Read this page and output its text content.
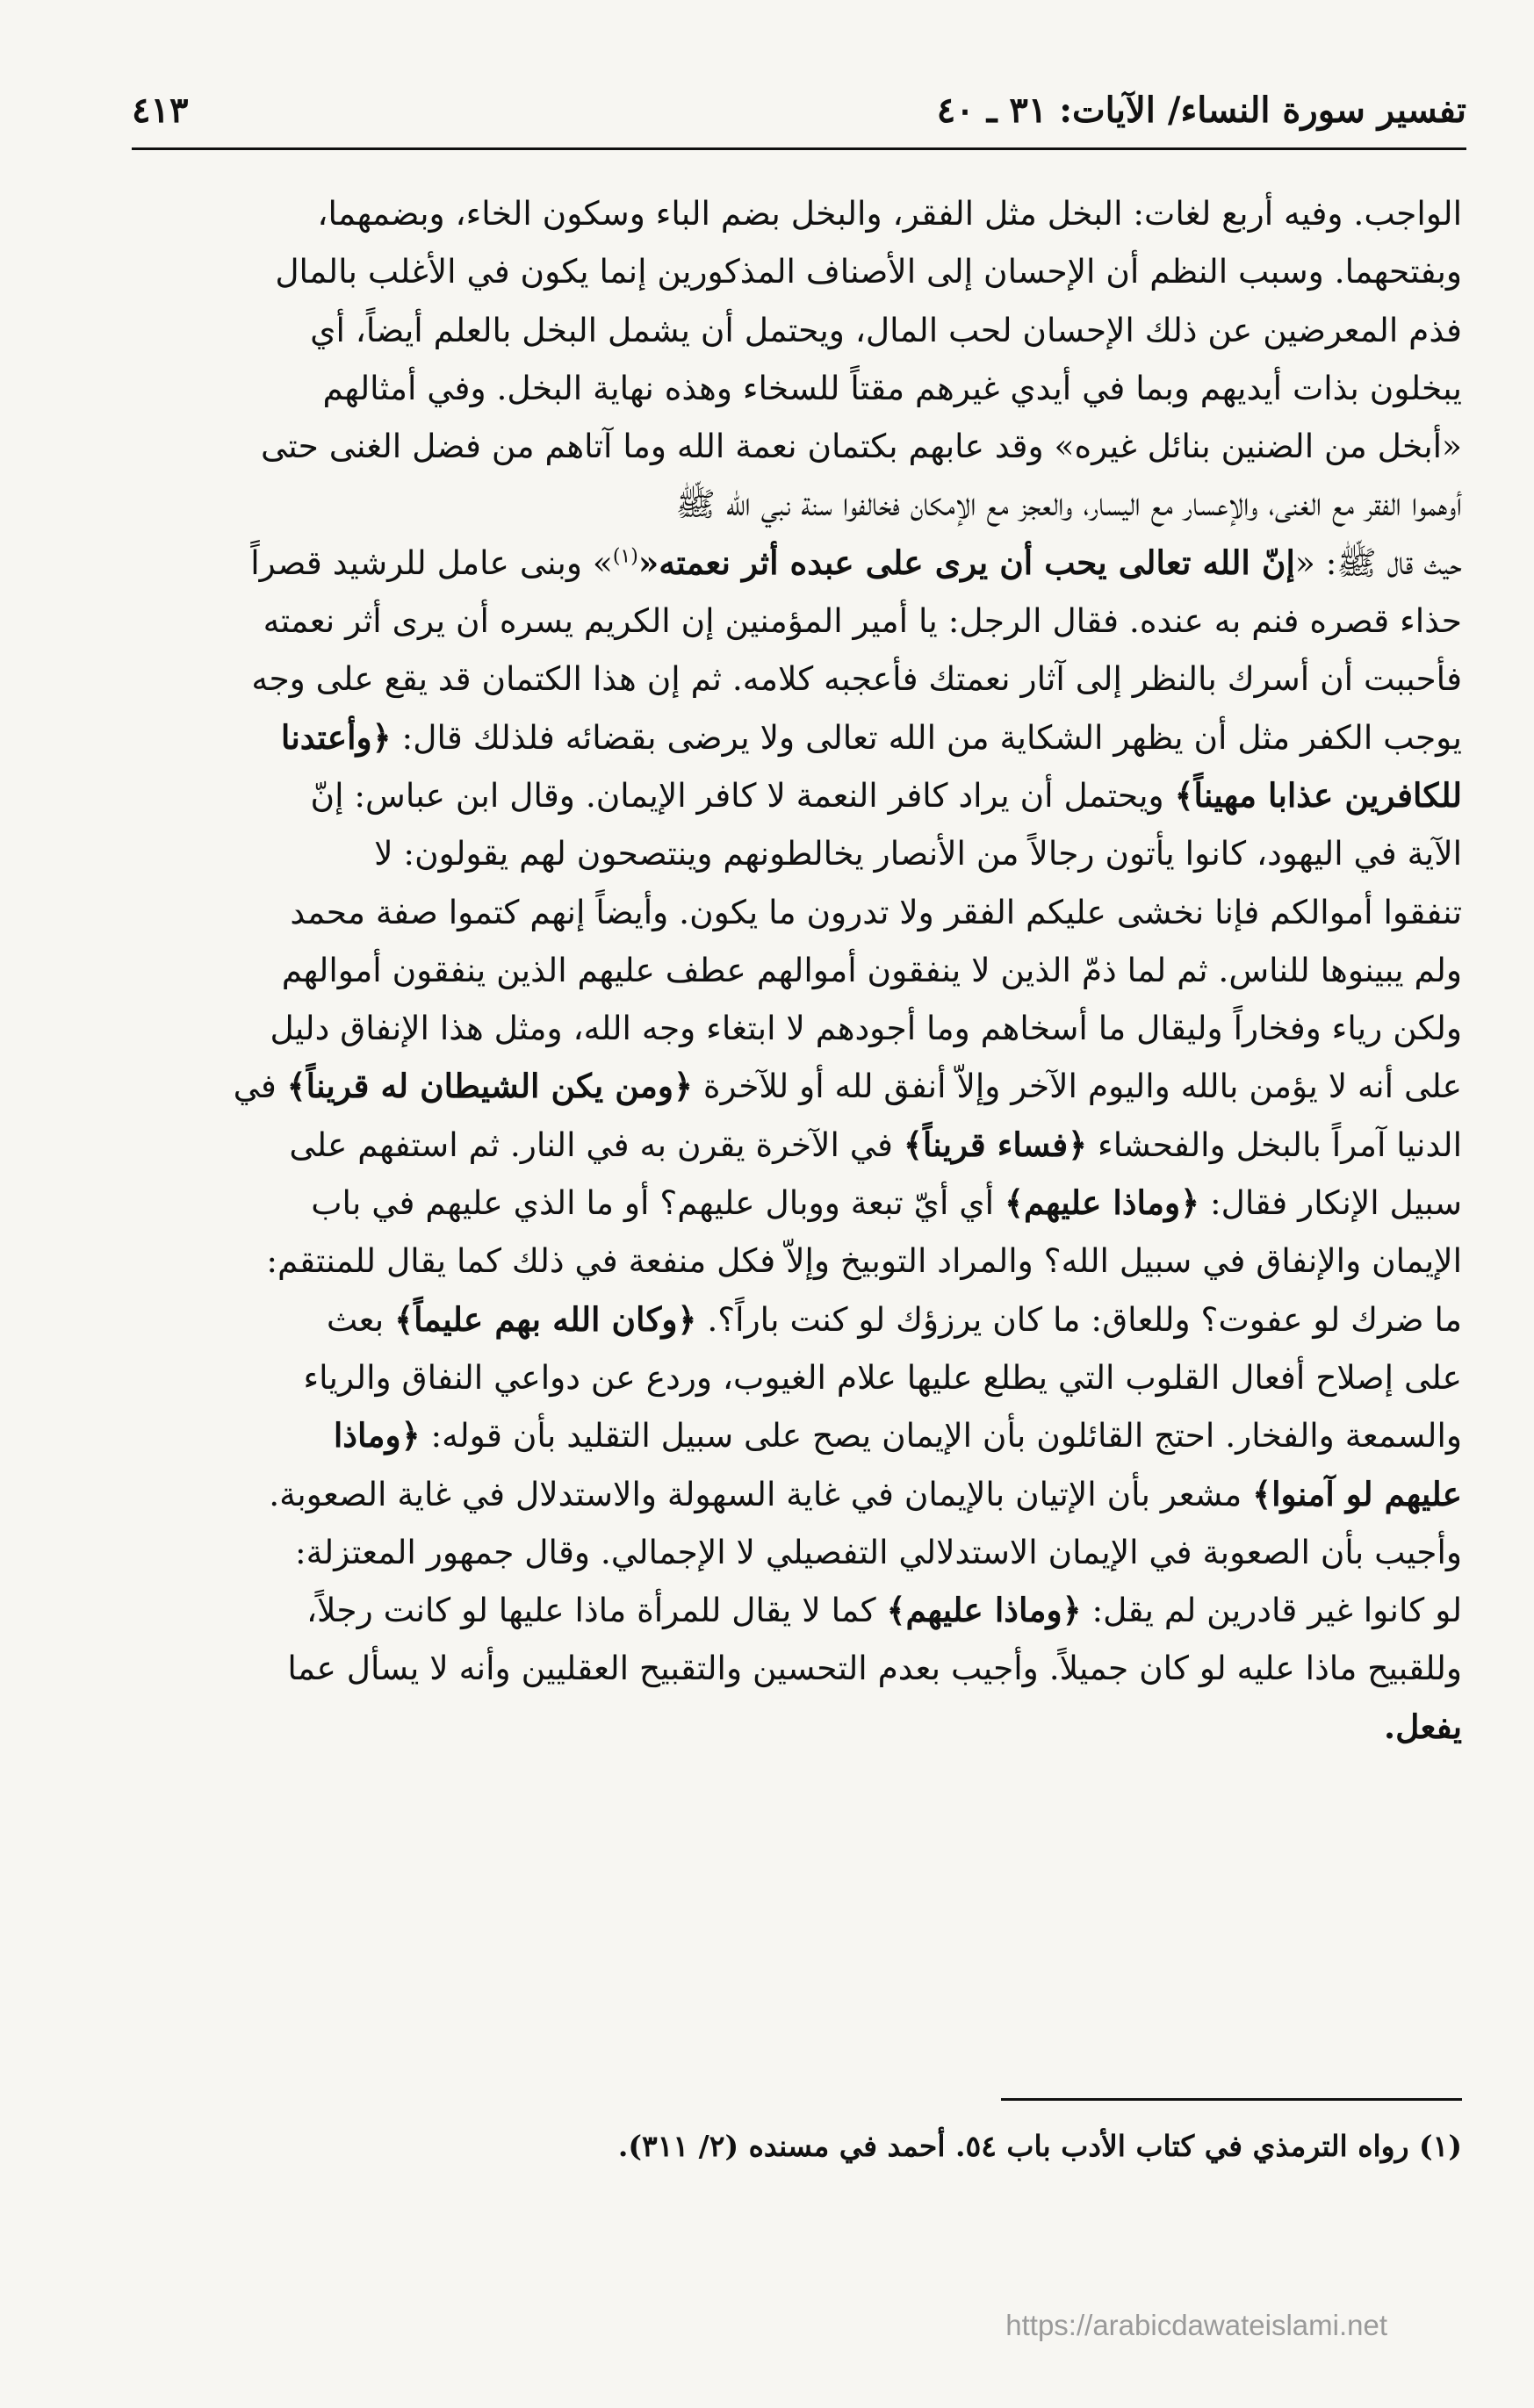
تفسير سورة النساء/ الآيات: ٣١ ـ ٤٠
٤١٣
الواجب. وفيه أربع لغات: البخل مثل الفقر، والبخل بضم الباء وسكون الخاء، وبضمهما،
وبفتحهما. وسبب النظم أن الإحسان إلى الأصناف المذكورين إنما يكون في الأغلب بالمال
فذم المعرضين عن ذلك الإحسان لحب المال، ويحتمل أن يشمل البخل بالعلم أيضاً، أي
يبخلون بذات أيديهم وبما في أيدي غيرهم مقتاً للسخاء وهذه نهاية البخل. وفي أمثالهم
«أبخل من الضنين بنائل غيره» وقد عابهم بكتمان نعمة الله وما آتاهم من فضل الغنى حتى
أوهموا الفقر مع الغنى، والإعسار مع اليسار، والعجز مع الإمكان فخالفوا سنة نبي الله ﷺ
حيث قال ﷺ: «إنّ الله تعالى يحب أن يرى على عبده أثر نعمته«$^{(١)}$» وبنى عامل للرشيد قصراً
حذاء قصره فنم به عنده. فقال الرجل: يا أمير المؤمنين إن الكريم يسره أن يرى أثر نعمته
فأحببت أن أسرك بالنظر إلى آثار نعمتك فأعجبه كلامه. ثم إن هذا الكتمان قد يقع على وجه
يوجب الكفر مثل أن يظهر الشكاية من الله تعالى ولا يرضى بقضائه فلذلك قال: ﴿وأعتدنا
للكافرين عذابا مهيناً﴾ ويحتمل أن يراد كافر النعمة لا كافر الإيمان. وقال ابن عباس: إنّ
الآية في اليهود، كانوا يأتون رجالاً من الأنصار يخالطونهم وينتصحون لهم يقولون: لا
تنفقوا أموالكم فإنا نخشى عليكم الفقر ولا تدرون ما يكون. وأيضاً إنهم كتموا صفة محمد
ولم يبينوها للناس. ثم لما ذمّ الذين لا ينفقون أموالهم عطف عليهم الذين ينفقون أموالهم
ولكن رياء وفخاراً وليقال ما أسخاهم وما أجودهم لا ابتغاء وجه الله، ومثل هذا الإنفاق دليل
على أنه لا يؤمن بالله واليوم الآخر وإلاّ أنفق لله أو للآخرة ﴿ومن يكن الشيطان له قريناً﴾ في
الدنيا آمراً بالبخل والفحشاء ﴿فساء قريناً﴾ في الآخرة يقرن به في النار. ثم استفهم على
سبيل الإنكار فقال: ﴿وماذا عليهم﴾ أي أيّ تبعة ووبال عليهم؟ أو ما الذي عليهم في باب
الإيمان والإنفاق في سبيل الله؟ والمراد التوبيخ وإلاّ فكل منفعة في ذلك كما يقال للمنتقم:
ما ضرك لو عفوت؟ وللعاق: ما كان يرزؤك لو كنت باراً؟. ﴿وكان الله بهم عليماً﴾ بعث
على إصلاح أفعال القلوب التي يطلع عليها علام الغيوب، وردع عن دواعي النفاق والرياء
والسمعة والفخار. احتج القائلون بأن الإيمان يصح على سبيل التقليد بأن قوله: ﴿وماذا
عليهم لو آمنوا﴾ مشعر بأن الإتيان بالإيمان في غاية السهولة والاستدلال في غاية الصعوبة.
وأجيب بأن الصعوبة في الإيمان الاستدلالي التفصيلي لا الإجمالي. وقال جمهور المعتزلة:
لو كانوا غير قادرين لم يقل: ﴿وماذا عليهم﴾ كما لا يقال للمرأة ماذا عليها لو كانت رجلاً،
وللقبيح ماذا عليه لو كان جميلاً. وأجيب بعدم التحسين والتقبيح العقليين وأنه لا يسأل عما
يفعل.
(١) رواه الترمذي في كتاب الأدب باب ٥٤. أحمد في مسنده (٢/ ٣١١).
https://arabicdawateislami.net
